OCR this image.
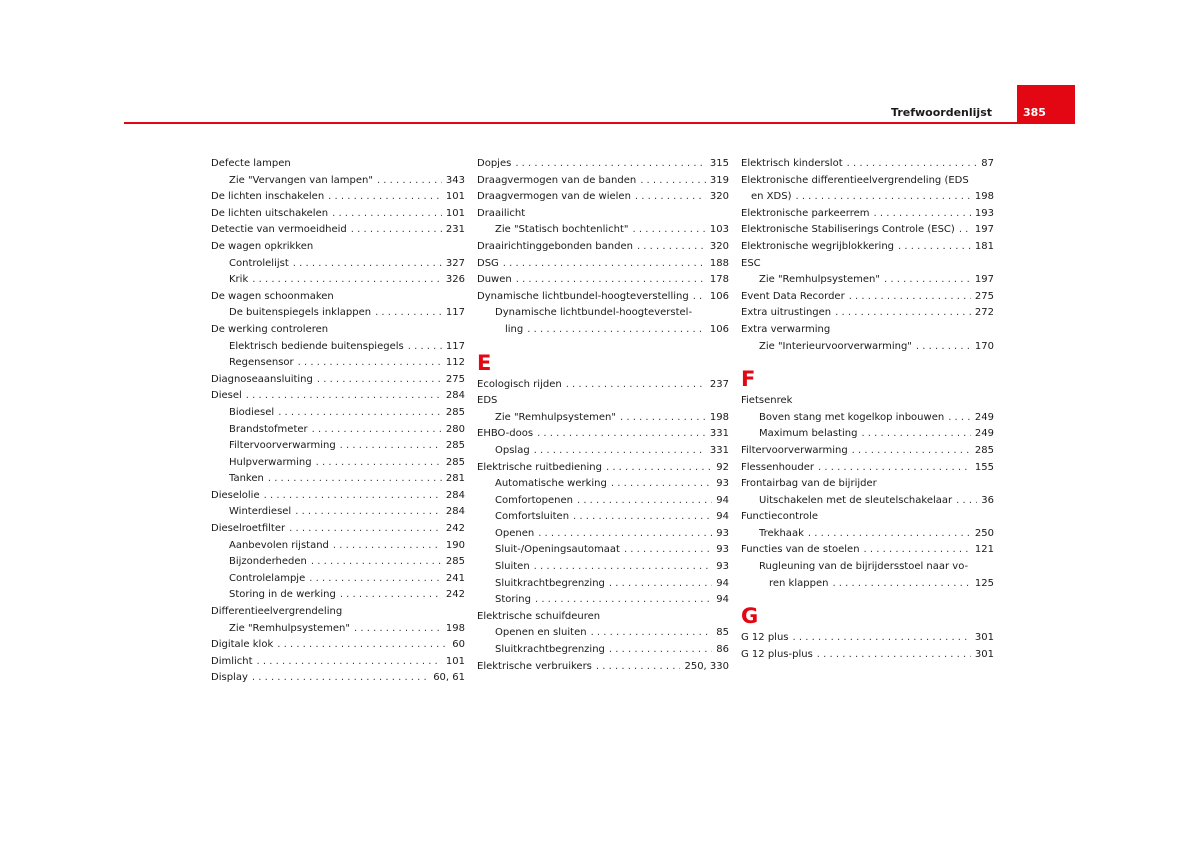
Trefwoordenlijst	385
Defecte lampen
Zie "Vervangen van lampen" . . .	343
De lichten inschakelen . . .	101
De lichten uitschakelen . . .	101
Detectie van vermoeidheid . . .	231
De wagen opkrikken
Controlelijst . . .	327
Krik . . .	326
De wagen schoonmaken
De buitenspiegels inklappen . . .	117
De werking controleren
Elektrisch bediende buitenspiegels . . .	117
Regensensor . . .	112
Diagnoseaansluiting . . .	275
Diesel . . .	284
Biodiesel . . .	285
Brandstofmeter . . .	280
Filtervoorverwarming . . .	285
Hulpverwarming . . .	285
Tanken . . .	281
Dieselolie . . .	284
Winterdiesel . . .	284
Dieselroetfilter . . .	242
Aanbevolen rijstand . . .	190
Bijzonderheden . . .	285
Controlelampje . . .	241
Storing in de werking . . .	242
Differentieelvergrendeling
Zie "Remhulpsystemen" . . .	198
Digitale klok . . .	60
Dimlicht . . .	101
Display . . .	60, 61
Dopjes . . .	315
Draagvermogen van de banden . . .	319
Draagvermogen van de wielen . . .	320
Draailicht
Zie "Statisch bochtenlicht" . . .	103
Draairichtinggebonden banden . . .	320
DSG . . .	188
Duwen . . .	178
Dynamische lichtbundel-hoogteverstelling . . . 106
Dynamische lichtbundel-hoogteverstel-
ling . . .	106
E
Ecologisch rijden . . .	237
EDS
Zie "Remhulpsystemen" . . .	198
EHBO-doos . . .	331
Opslag . . .	331
Elektrische ruitbediening . . .	92
Automatische werking . . .	93
Comfortopenen . . .	94
Comfortsluiten . . .	94
Openen . . .	93
Sluit-/Openingsautomaat . . .	93
Sluiten . . .	93
Sluitkrachtbegrenzing . . .	94
Storing . . .	94
Elektrische schuifdeuren
Openen en sluiten . . .	85
Sluitkrachtbegrenzing . . .	86
Elektrische verbruikers . . .	250, 330
Elektrisch kinderslot . . .	87
Elektronische differentieelvergrendeling (EDS
en XDS) . . .	198
Elektronische parkeerrem . . .	193
Elektronische Stabiliserings Controle (ESC) . . . 197
Elektronische wegrijblokkering . . .	181
ESC
Zie "Remhulpsystemen" . . .	197
Event Data Recorder . . .	275
Extra uitrustingen . . .	272
Extra verwarming
Zie "Interieurvoorverwarming" . . .	170
F
Fietsenrek
Boven stang met kogelkop inbouwen . . .	249
Maximum belasting . . .	249
Filtervoorverwarming . . .	285
Flessenhouder . . .	155
Frontairbag van de bijrijder
Uitschakelen met de sleutelschakelaar . . .	36
Functiecontrole
Trekhaak . . .	250
Functies van de stoelen . . .	121
Rugleuning van de bijrijdersstoel naar vo-
ren klappen . . .	125
G
G 12 plus . . .	301
G 12 plus-plus . . .	301
